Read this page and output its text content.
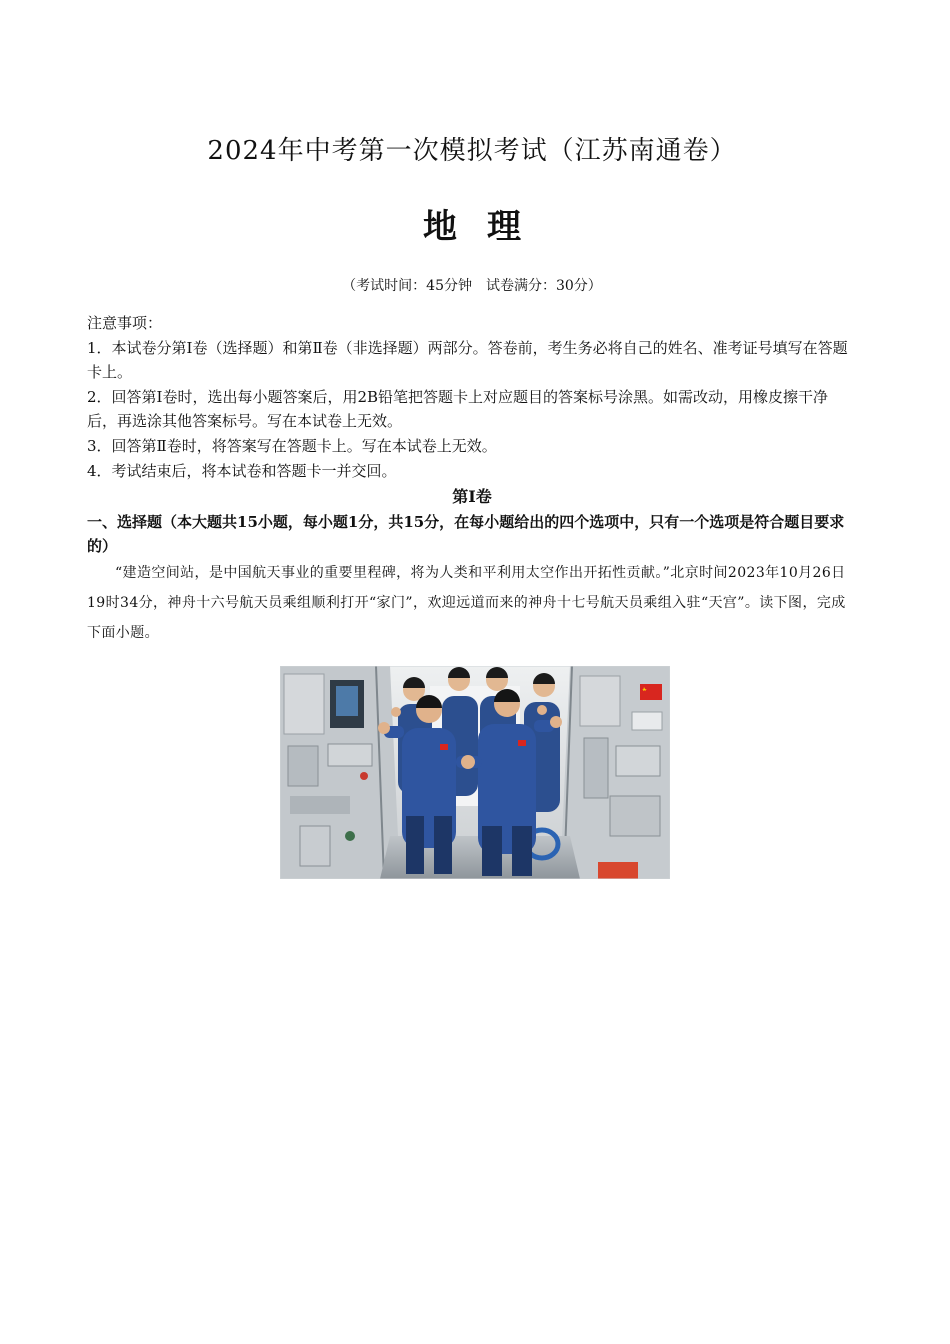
2024年中考第一次模拟考试（江苏南通卷）
地理
（考试时间：45分钟　试卷满分：30分）

注意事项：

1．本试卷分第Ⅰ卷（选择题）和第Ⅱ卷（非选择题）两部分。答卷前，考生务必将自己的姓名、准考证号填写在答题卡上。

2．回答第Ⅰ卷时，选出每小题答案后，用2B铅笔把答题卡上对应题目的答案标号涂黑。如需改动，用橡皮擦干净后，再选涂其他答案标号。写在本试卷上无效。

3．回答第Ⅱ卷时，将答案写在答题卡上。写在本试卷上无效。

4．考试结束后，将本试卷和答题卡一并交回。

第Ⅰ卷
一、选择题（本大题共15小题，每小题1分，共15分，在每小题给出的四个选项中，只有一个选项是符合题目要求的）
“建造空间站，是中国航天事业的重要里程碑，将为人类和平利用太空作出开拓性贡献。”北京时间2023年10月26日19时34分，神舟十六号航天员乘组顺利打开“家门”，欢迎远道而来的神舟十七号航天员乘组入驻“天宫”。读下图，完成下面小题。
